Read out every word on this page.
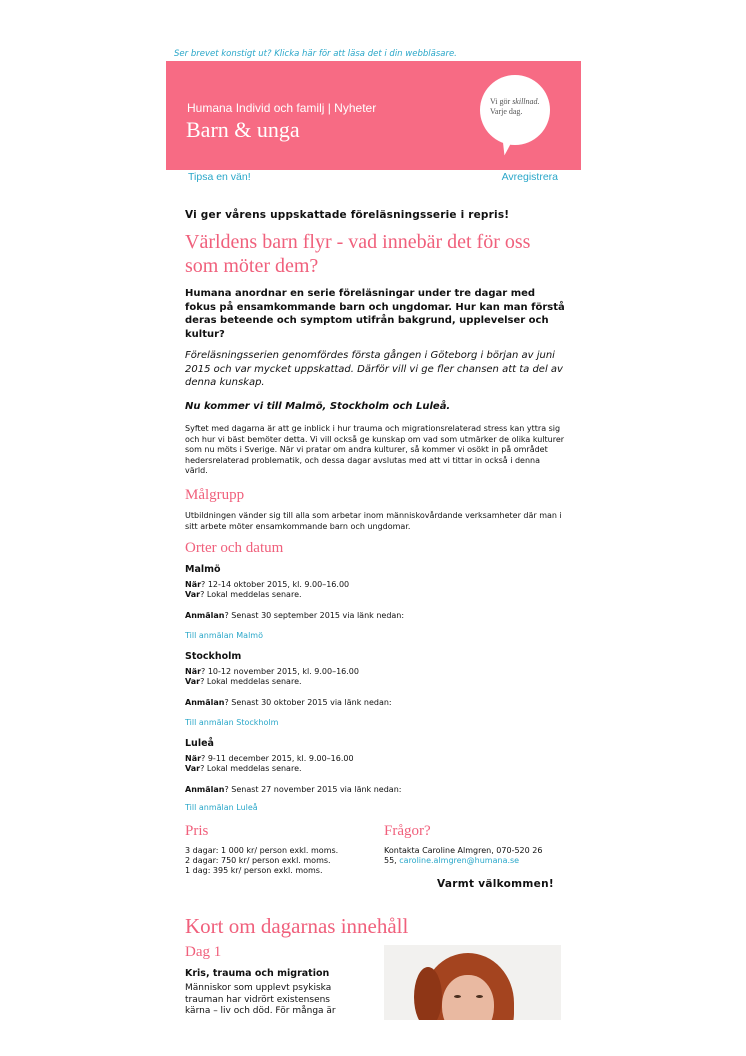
Ser brevet konstigt ut? Klicka här för att läsa det i din webbläsare.
Humana Individ och familj | Nyheter
Barn & unga
Vi gör skillnad.
Varje dag.
Tipsa en vän!	Avregistrera
Vi ger vårens uppskattade föreläsningsserie i repris!
Världens barn flyr - vad innebär det för oss som möter dem?
Humana anordnar en serie föreläsningar under tre dagar med fokus på ensamkommande barn och ungdomar. Hur kan man förstå deras beteende och symptom utifrån bakgrund, upplevelser och kultur?
Föreläsningsserien genomfördes första gången i Göteborg i början av juni 2015 och var mycket uppskattad. Därför vill vi ge fler chansen att ta del av denna kunskap.
Nu kommer vi till Malmö, Stockholm och Luleå.
Syftet med dagarna är att ge inblick i hur trauma och migrationsrelaterad stress kan yttra sig och hur vi bäst bemöter detta. Vi vill också ge kunskap om vad som utmärker de olika kulturer som nu möts i Sverige. När vi pratar om andra kulturer, så kommer vi osökt in på området hedersrelaterad problematik, och dessa dagar avslutas med att vi tittar in också i denna värld.
Målgrupp
Utbildningen vänder sig till alla som arbetar inom människovårdande verksamheter där man i sitt arbete möter ensamkommande barn och ungdomar.
Orter och datum
Malmö
När? 12-14 oktober 2015, kl. 9.00–16.00
Var? Lokal meddelas senare.
Anmälan? Senast 30 september 2015 via länk nedan:
Till anmälan Malmö
Stockholm
När? 10-12 november 2015, kl. 9.00–16.00
Var? Lokal meddelas senare.
Anmälan? Senast 30 oktober 2015 via länk nedan:
Till anmälan Stockholm
Luleå
När? 9-11 december 2015, kl. 9.00–16.00
Var? Lokal meddelas senare.
Anmälan? Senast 27 november 2015 via länk nedan:
Till anmälan Luleå
Pris
3 dagar: 1 000 kr/ person exkl. moms.
2 dagar: 750 kr/ person exkl. moms.
1 dag: 395 kr/ person exkl. moms.
Frågor?
Kontakta Caroline Almgren, 070-520 26
55, caroline.almgren@humana.se
Varmt välkommen!
Kort om dagarnas innehåll
Dag 1
Kris, trauma och migration
Människor som upplevt psykiska
trauman har vidrört existensens
kärna – liv och död. För många är
